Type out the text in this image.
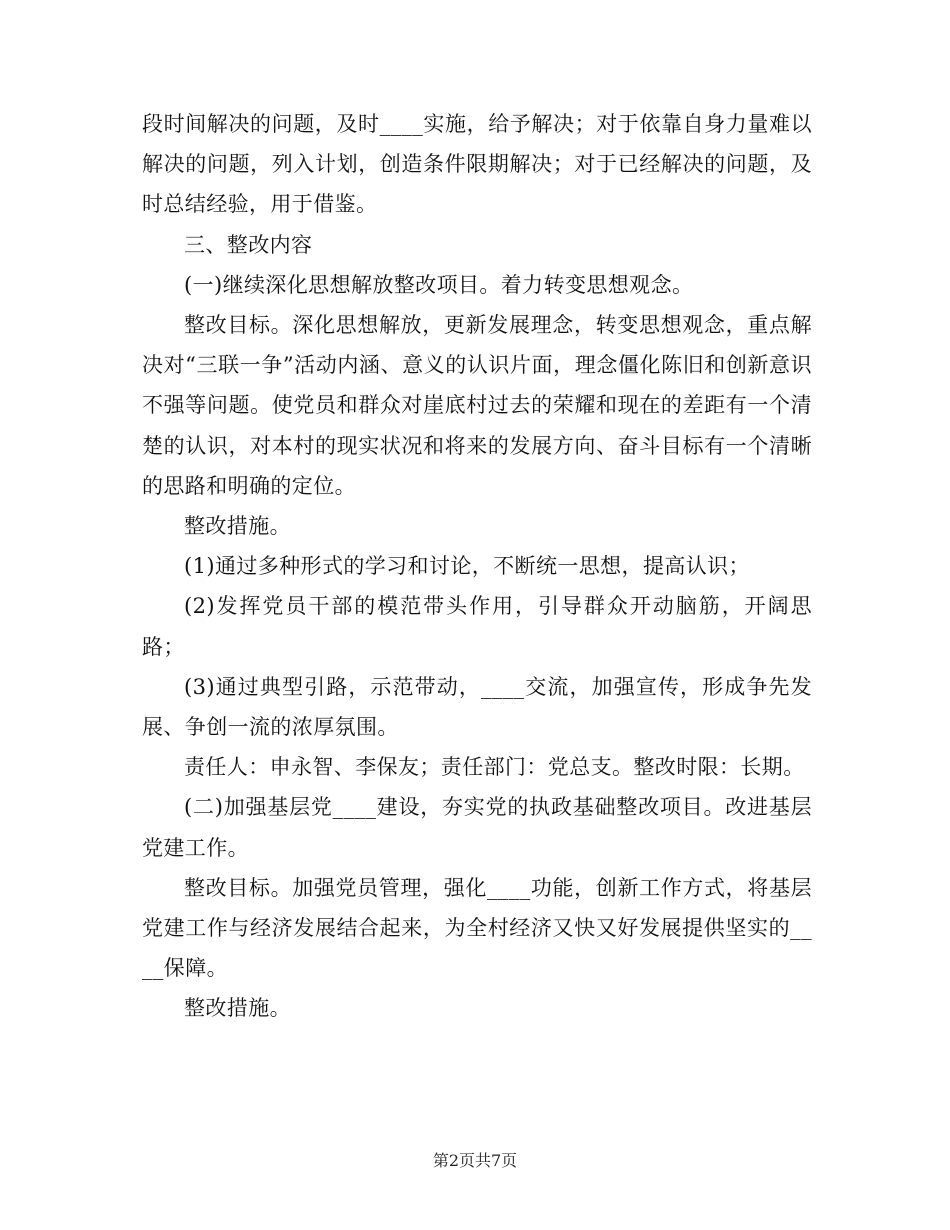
段时间解决的问题，及时____实施，给予解决；对于依靠自身力量难以解决的问题，列入计划，创造条件限期解决；对于已经解决的问题，及时总结经验，用于借鉴。

三、整改内容

(一)继续深化思想解放整改项目。着力转变思想观念。

整改目标。深化思想解放，更新发展理念，转变思想观念，重点解决对“三联一争”活动内涵、意义的认识片面，理念僵化陈旧和创新意识不强等问题。使党员和群众对崖底村过去的荣耀和现在的差距有一个清楚的认识，对本村的现实状况和将来的发展方向、奋斗目标有一个清晰的思路和明确的定位。

整改措施。

(1)通过多种形式的学习和讨论，不断统一思想，提高认识；

(2)发挥党员干部的模范带头作用，引导群众开动脑筋，开阔思路；

(3)通过典型引路，示范带动，____交流，加强宣传，形成争先发展、争创一流的浓厚氛围。

责任人：申永智、李保友；责任部门：党总支。整改时限：长期。

(二)加强基层党____建设，夯实党的执政基础整改项目。改进基层党建工作。

整改目标。加强党员管理，强化____功能，创新工作方式，将基层党建工作与经济发展结合起来，为全村经济又快又好发展提供坚实的____保障。

整改措施。

第2页共7页
